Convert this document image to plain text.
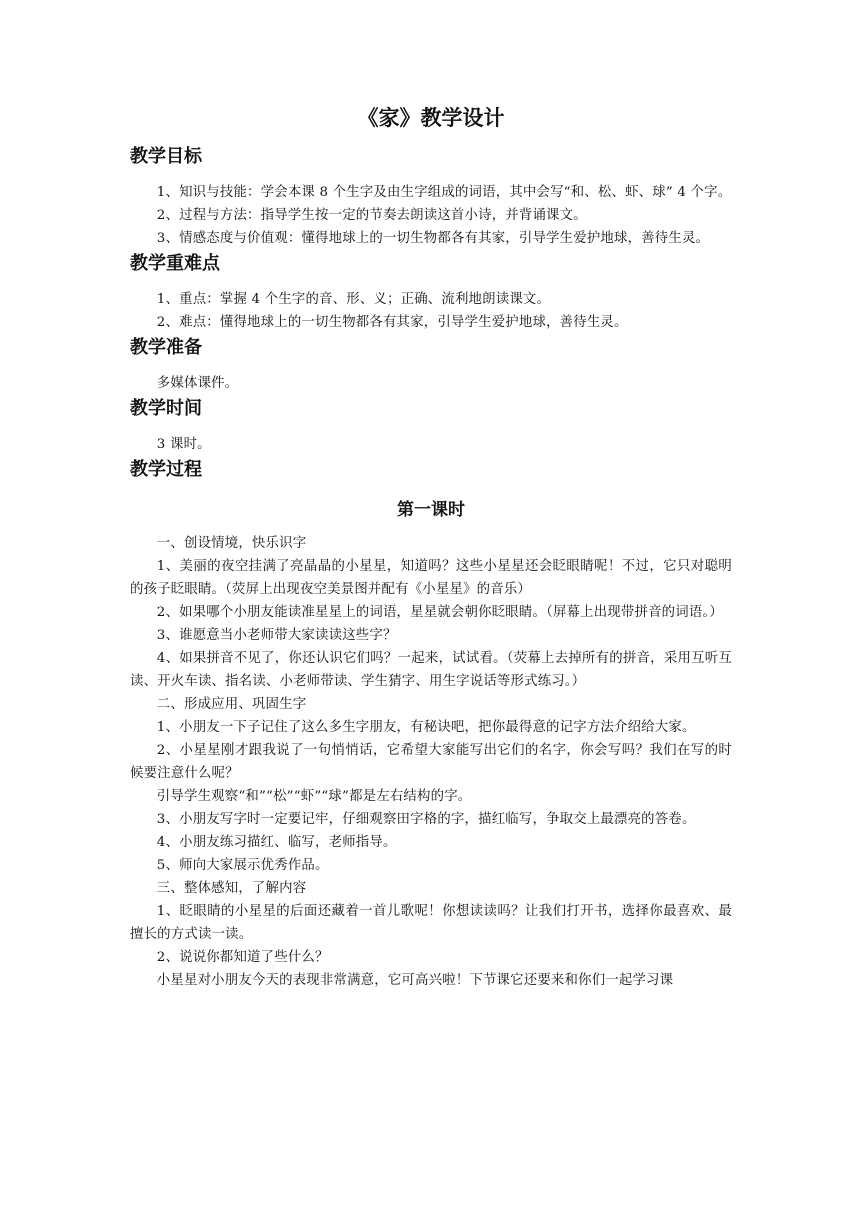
《家》教学设计
教学目标

1、知识与技能：学会本课 8 个生字及由生字组成的词语，其中会写“和、松、虾、球” 4 个字。

2、过程与方法：指导学生按一定的节奏去朗读这首小诗，并背诵课文。

3、情感态度与价值观：懂得地球上的一切生物都各有其家，引导学生爱护地球，善待生灵。

教学重难点

1、重点：掌握 4 个生字的音、形、义；正确、流利地朗读课文。

2、难点：懂得地球上的一切生物都各有其家，引导学生爱护地球，善待生灵。

教学准备

多媒体课件。

教学时间

3 课时。

教学过程
第一课时

一、创设情境，快乐识字

1、美丽的夜空挂满了亮晶晶的小星星，知道吗？这些小星星还会眨眼睛呢！不过，它只对聪明的孩子眨眼睛。（荧屏上出现夜空美景图并配有《小星星》的音乐）

2、如果哪个小朋友能读准星星上的词语，星星就会朝你眨眼睛。（屏幕上出现带拼音的词语。）

3、谁愿意当小老师带大家读读这些字？

4、如果拼音不见了，你还认识它们吗？一起来，试试看。（荧幕上去掉所有的拼音，采用互听互读、开火车读、指名读、小老师带读、学生猜字、用生字说话等形式练习。）

二、形成应用、巩固生字

1、小朋友一下子记住了这么多生字朋友，有秘诀吧，把你最得意的记字方法介绍给大家。

2、小星星刚才跟我说了一句悄悄话，它希望大家能写出它们的名字，你会写吗？我们在写的时候要注意什么呢？

引导学生观察“和”“松”“虾”“球”都是左右结构的字。

3、小朋友写字时一定要记牢，仔细观察田字格的字，描红临写，争取交上最漂亮的答卷。

4、小朋友练习描红、临写，老师指导。

5、师向大家展示优秀作品。

三、整体感知，了解内容

1、眨眼睛的小星星的后面还藏着一首儿歌呢！你想读读吗？让我们打开书，选择你最喜欢、最擅长的方式读一读。

2、说说你都知道了些什么？

小星星对小朋友今天的表现非常满意，它可高兴啦！下节课它还要来和你们一起学习课
